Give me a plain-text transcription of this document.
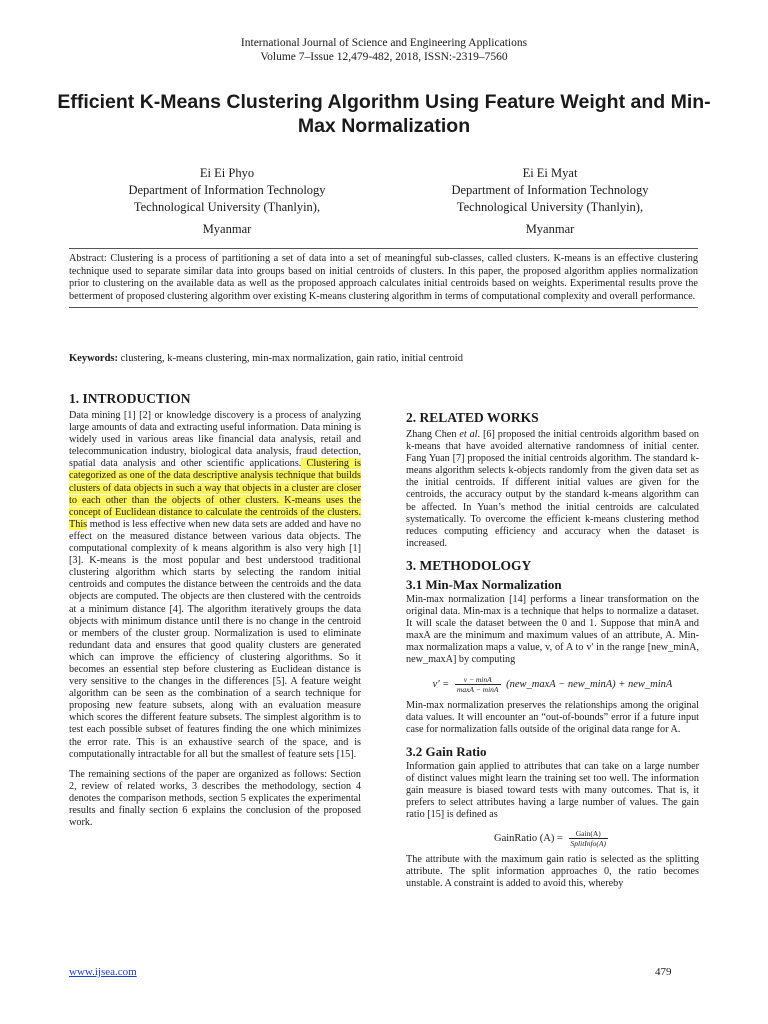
International Journal of Science and Engineering Applications
Volume 7–Issue 12,479-482, 2018, ISSN:-2319–7560
Efficient K-Means Clustering Algorithm Using Feature Weight and Min-Max Normalization
Ei Ei Phyo
Department of Information Technology
Technological University (Thanlyin),
Myanmar
Ei Ei Myat
Department of Information Technology
Technological University (Thanlyin),
Myanmar
Abstract: Clustering is a process of partitioning a set of data into a set of meaningful sub-classes, called clusters. K-means is an effective clustering technique used to separate similar data into groups based on initial centroids of clusters. In this paper, the proposed algorithm applies normalization prior to clustering on the available data as well as the proposed approach calculates initial centroids based on weights. Experimental results prove the betterment of proposed clustering algorithm over existing K-means clustering algorithm in terms of computational complexity and overall performance.
Keywords: clustering, k-means clustering, min-max normalization, gain ratio, initial centroid
1. INTRODUCTION

Data mining [1] [2] or knowledge discovery is a process of analyzing large amounts of data and extracting useful information. Data mining is widely used in various areas like financial data analysis, retail and telecommunication industry, biological data analysis, fraud detection, spatial data analysis and other scientific applications. Clustering is categorized as one of the data descriptive analysis technique that builds clusters of data objects in such a way that objects in a cluster are closer to each other than the objects of other clusters. K-means uses the concept of Euclidean distance to calculate the centroids of the clusters. This method is less effective when new data sets are added and have no effect on the measured distance between various data objects. The computational complexity of k means algorithm is also very high [1] [3]. K-means is the most popular and best understood traditional clustering algorithm which starts by selecting the random initial centroids and computes the distance between the centroids and the data objects are computed. The objects are then clustered with the centroids at a minimum distance [4]. The algorithm iteratively groups the data objects with minimum distance until there is no change in the centroid or members of the cluster group. Normalization is used to eliminate redundant data and ensures that good quality clusters are generated which can improve the efficiency of clustering algorithms. So it becomes an essential step before clustering as Euclidean distance is very sensitive to the changes in the differences [5]. A feature weight algorithm can be seen as the combination of a search technique for proposing new feature subsets, along with an evaluation measure which scores the different feature subsets. The simplest algorithm is to test each possible subset of features finding the one which minimizes the error rate. This is an exhaustive search of the space, and is computationally intractable for all but the smallest of feature sets [15].

The remaining sections of the paper are organized as follows: Section 2, review of related works, 3 describes the methodology, section 4 denotes the comparison methods, section 5 explicates the experimental results and finally section 6 explains the conclusion of the proposed work.

2. RELATED WORKS

Zhang Chen et al. [6] proposed the initial centroids algorithm based on k-means that have avoided alternative randomness of initial center. Fang Yuan [7] proposed the initial centroids algorithm. The standard k-means algorithm selects k-objects randomly from the given data set as the initial centroids. If different initial values are given for the centroids, the accuracy output by the standard k-means algorithm can be affected. In Yuan’s method the initial centroids are calculated systematically. To overcome the efficient k-means clustering method reduces computing efficiency and accuracy when the dataset is increased.

3. METHODOLOGY
3.1 Min-Max Normalization

Min-max normalization [14] performs a linear transformation on the original data. Min-max is a technique that helps to normalize a dataset. It will scale the dataset between the 0 and 1. Suppose that minA and maxA are the minimum and maximum values of an attribute, A. Min-max normalization maps a value, v, of A to v' in the range [new_minA, new_maxA] by computing

$v' = \frac{v - \min A}{\max A - \min A}$ (new_maxA − new_minA) + new_minA

Min-max normalization preserves the relationships among the original data values. It will encounter an “out-of-bounds” error if a future input case for normalization falls outside of the original data range for A.

3.2 Gain Ratio

Information gain applied to attributes that can take on a large number of distinct values might learn the training set too well. The information gain measure is biased toward tests with many outcomes. That is, it prefers to select attributes having a large number of values. The gain ratio [15] is defined as

GainRatio $(A) = \frac{\text{Gain(A)}}{\text{SplitInfo(A)}}$

The attribute with the maximum gain ratio is selected as the splitting attribute. The split information approaches 0, the ratio becomes unstable. A constraint is added to avoid this, whereby

www.ijsea.com	479
